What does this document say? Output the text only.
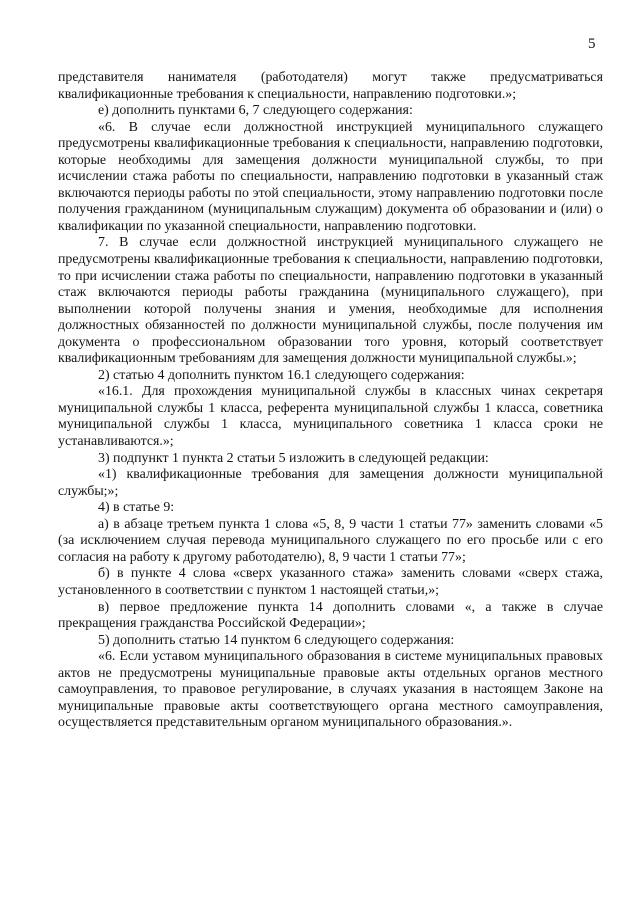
5

представителя нанимателя (работодателя) могут также предусматриваться квалификационные требования к специальности, направлению подготовки.»;

е) дополнить пунктами 6, 7 следующего содержания:

«6. В случае если должностной инструкцией муниципального служащего предусмотрены квалификационные требования к специальности, направлению подготовки, которые необходимы для замещения должности муниципальной службы, то при исчислении стажа работы по специальности, направлению подготовки в указанный стаж включаются периоды работы по этой специальности, этому направлению подготовки после получения гражданином (муниципальным служащим) документа об образовании и (или) о квалификации по указанной специальности, направлению подготовки.

7. В случае если должностной инструкцией муниципального служащего не предусмотрены квалификационные требования к специальности, направлению подготовки, то при исчислении стажа работы по специальности, направлению подготовки в указанный стаж включаются периоды работы гражданина (муниципального служащего), при выполнении которой получены знания и умения, необходимые для исполнения должностных обязанностей по должности муниципальной службы, после получения им документа о профессиональном образовании того уровня, который соответствует квалификационным требованиям для замещения должности муниципальной службы.»;

2) статью 4 дополнить пунктом 16.1 следующего содержания:

«16.1. Для прохождения муниципальной службы в классных чинах секретаря муниципальной службы 1 класса, референта муниципальной службы 1 класса, советника муниципальной службы 1 класса, муниципального советника 1 класса сроки не устанавливаются.»;

3) подпункт 1 пункта 2 статьи 5 изложить в следующей редакции:

«1) квалификационные требования для замещения должности муниципальной службы;»;

4) в статье 9:

а) в абзаце третьем пункта 1 слова «5, 8, 9 части 1 статьи 77» заменить словами «5 (за исключением случая перевода муниципального служащего по его просьбе или с его согласия на работу к другому работодателю), 8, 9 части 1 статьи 77»;

б) в пункте 4 слова «сверх указанного стажа» заменить словами «сверх стажа, установленного в соответствии с пунктом 1 настоящей статьи,»;

в) первое предложение пункта 14 дополнить словами «, а также в случае прекращения гражданства Российской Федерации»;

5) дополнить статью 14 пунктом 6 следующего содержания:

«6. Если уставом муниципального образования в системе муниципальных правовых актов не предусмотрены муниципальные правовые акты отдельных органов местного самоуправления, то правовое регулирование, в случаях указания в настоящем Законе на муниципальные правовые акты соответствующего органа местного самоуправления, осуществляется представительным органом муниципального образования.».
